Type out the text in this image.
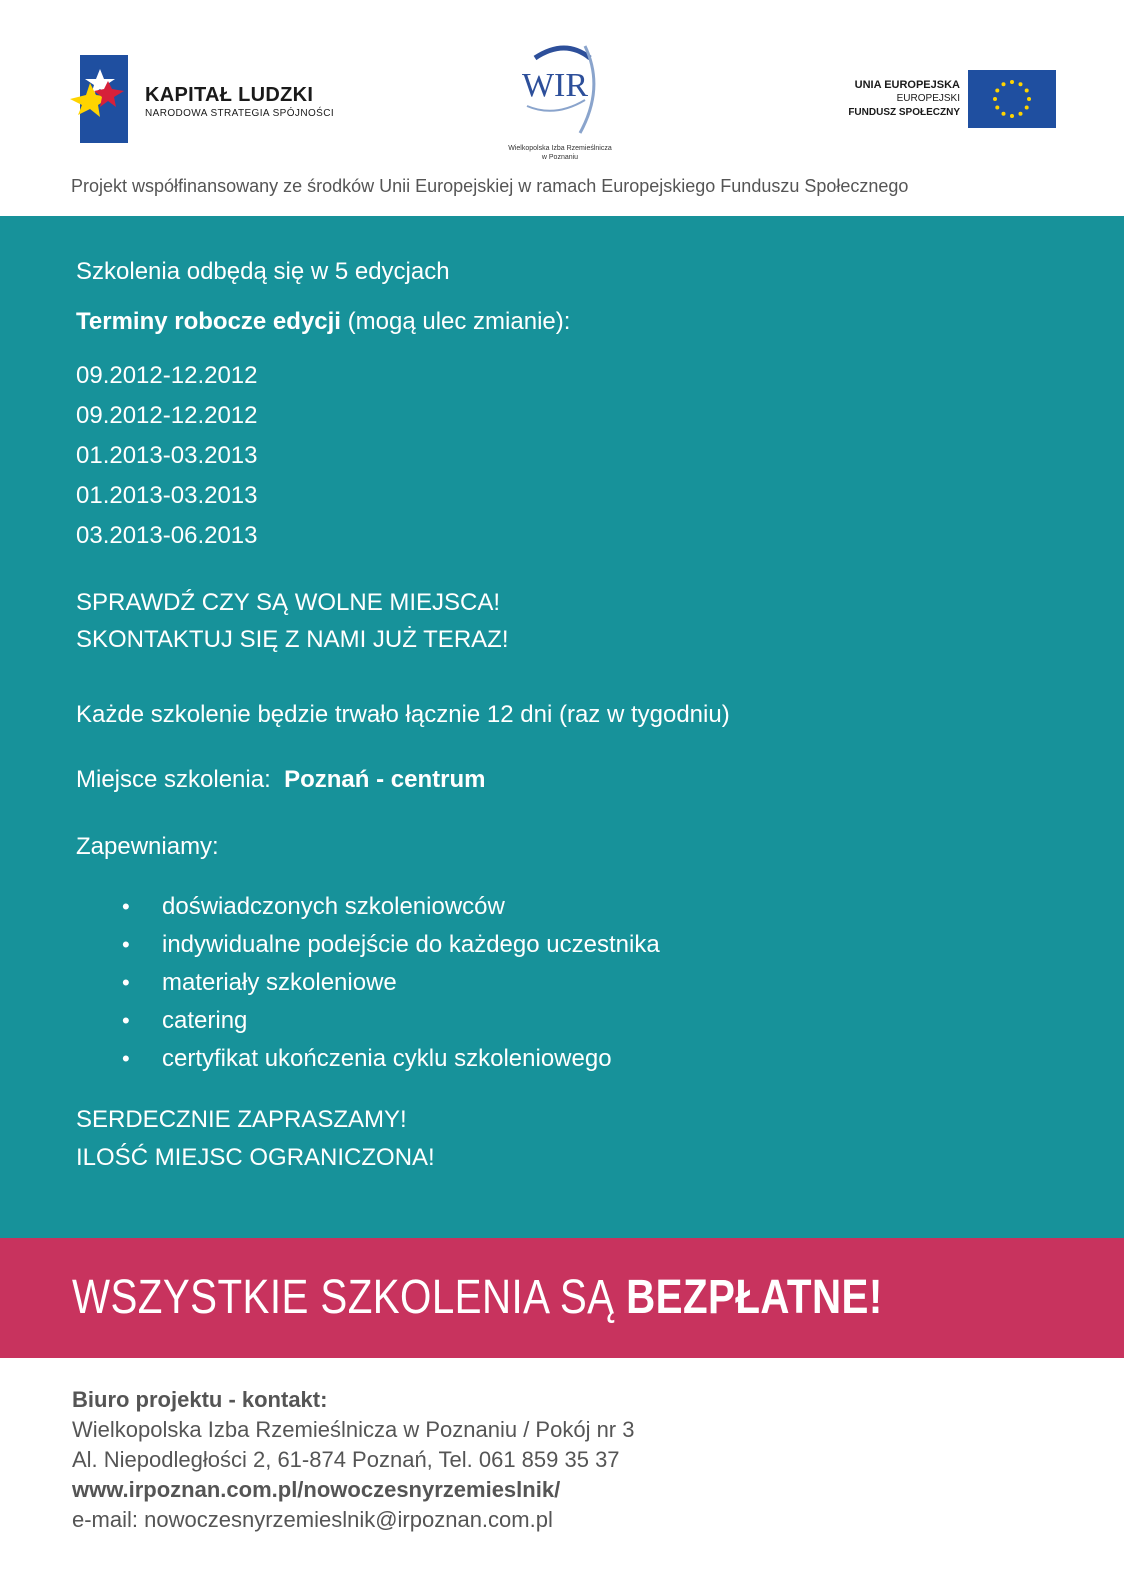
KAPITAŁ LUDZKI
NARODOWA STRATEGIA SPÓJNOŚCI
WIR
Wielkopolska Izba Rzemieślnicza
w Poznaniu
UNIA EUROPEJSKA
EUROPEJSKI
FUNDUSZ SPOŁECZNY
Projekt współfinansowany ze środków Unii Europejskiej w ramach Europejskiego Funduszu Społecznego

Szkolenia odbędą się w 5 edycjach

Terminy robocze edycji (mogą ulec zmianie):

09.2012-12.2012

09.2012-12.2012

01.2013-03.2013

01.2013-03.2013

03.2013-06.2013

SPRAWDŹ CZY SĄ WOLNE MIEJSCA!

SKONTAKTUJ SIĘ Z NAMI JUŻ TERAZ!

Każde szkolenie będzie trwało łącznie 12 dni (raz w tygodniu)

Miejsce szkolenia: Poznań - centrum

Zapewniamy:

• doświadczonych szkoleniowców
• indywidualne podejście do każdego uczestnika
• materiały szkoleniowe
• catering
• certyfikat ukończenia cyklu szkoleniowego

SERDECZNIE ZAPRASZAMY!

ILOŚĆ MIEJSC OGRANICZONA!

WSZYSTKIE SZKOLENIA SĄ BEZPŁATNE!
Biuro projektu - kontakt:
Wielkopolska Izba Rzemieślnicza w Poznaniu / Pokój nr 3
Al. Niepodległości 2, 61-874 Poznań, Tel. 061 859 35 37
www.irpoznan.com.pl/nowoczesnyrzemieslnik/
e-mail: nowoczesnyrzemieslnik@irpoznan.com.pl
